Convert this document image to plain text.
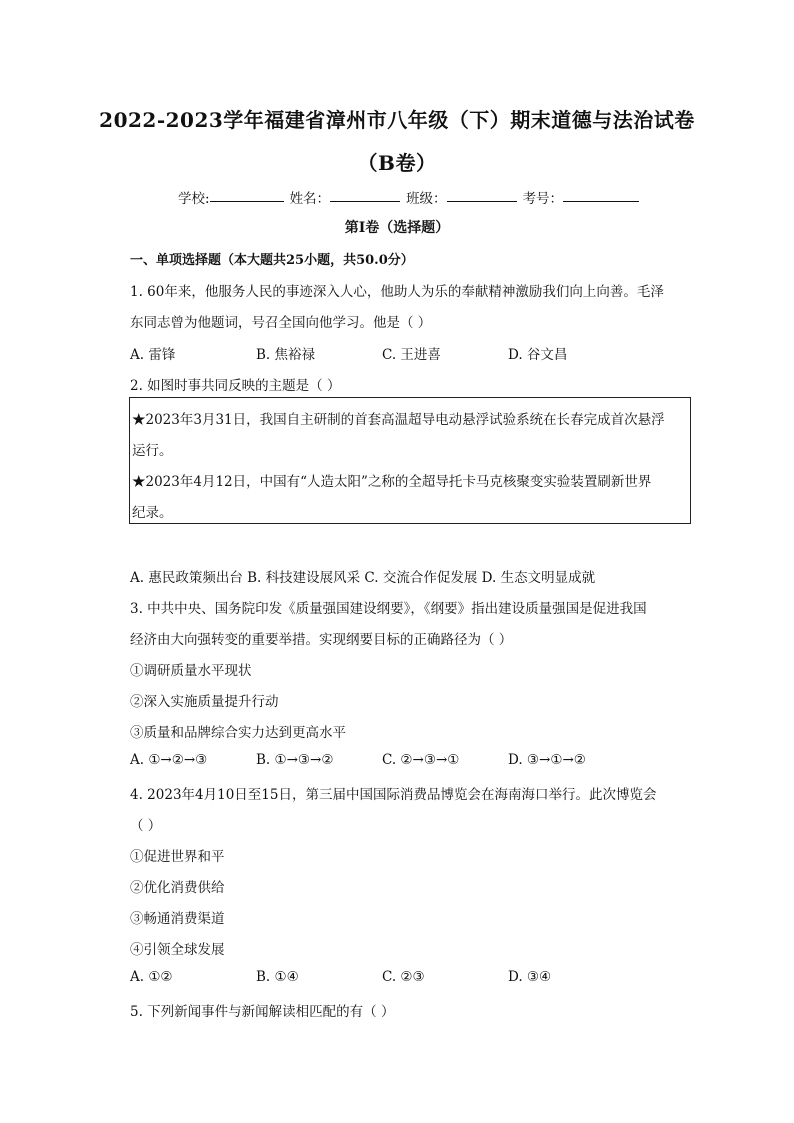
2022-2023学年福建省漳州市八年级（下）期末道德与法治试卷
（B卷）
学校:	姓名：	班级：	考号：
第I卷（选择题）
一、单项选择题（本大题共25小题，共50.0分）
1. 60年来，他服务人民的事迹深入人心，他助人为乐的奉献精神激励我们向上向善。毛泽
东同志曾为他题词，号召全国向他学习。他是（ ）
A. 雷锋	B. 焦裕禄	C. 王进喜	D. 谷文昌
2. 如图时事共同反映的主题是（ ）
★2023年3月31日，我国自主研制的首套高温超导电动悬浮试验系统在长春完成首次悬浮
运行。
★2023年4月12日，中国有“人造太阳”之称的全超导托卡马克核聚变实验装置刷新世界
纪录。
A. 惠民政策频出台 B. 科技建设展风采 C. 交流合作促发展 D. 生态文明显成就
3. 中共中央、国务院印发《质量强国建设纲要》，《纲要》指出建设质量强国是促进我国
经济由大向强转变的重要举措。实现纲要目标的正确路径为（ ）
①调研质量水平现状
②深入实施质量提升行动
③质量和品牌综合实力达到更高水平
A. ①→②→③	B. ①→③→②	C. ②→③→①	D. ③→①→②
4. 2023年4月10日至15日，第三届中国国际消费品博览会在海南海口举行。此次博览会
（ ）
①促进世界和平
②优化消费供给
③畅通消费渠道
④引领全球发展
A. ①②	B. ①④	C. ②③	D. ③④
5. 下列新闻事件与新闻解读相匹配的有（ ）
